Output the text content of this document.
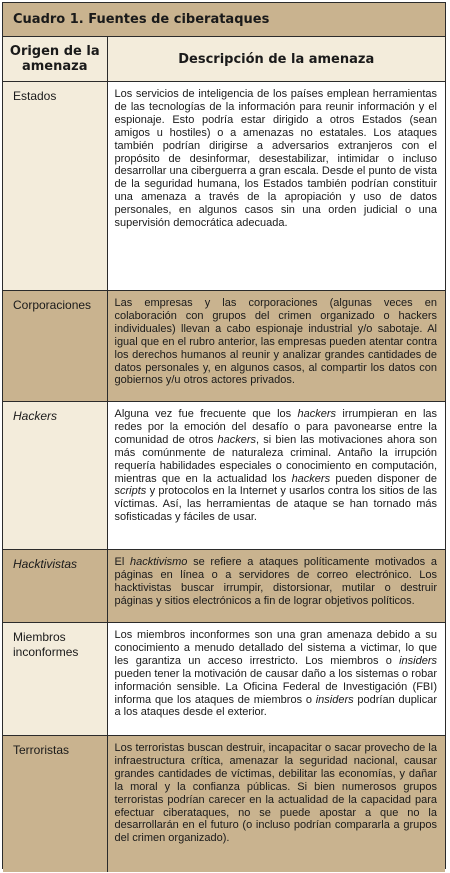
Cuadro 1. Fuentes de ciberataques
Origen de la amenaza	Descripción de la amenaza
Estados	Los servicios de inteligencia de los países emplean herramientas de las tecnologías de la información para reunir información y el espionaje. Esto podría estar dirigido a otros Estados (sean amigos u hostiles) o a amenazas no estatales. Los ataques también podrían dirigirse a adversarios extranjeros con el propósito de desinformar, desestabilizar, intimidar o incluso desarrollar una ciberguerra a gran escala. Desde el punto de vista de la seguridad humana, los Estados también podrían constituir una amenaza a través de la apropiación y uso de datos personales, en algunos casos sin una orden judicial o una supervisión democrática adecuada.
Corporaciones	Las empresas y las corporaciones (algunas veces en colaboración con grupos del crimen organizado o hackers individuales) llevan a cabo espionaje industrial y/o sabotaje. Al igual que en el rubro anterior, las empresas pueden atentar contra los derechos humanos al reunir y analizar grandes cantidades de datos personales y, en algunos casos, al compartir los datos con gobiernos y/u otros actores privados.
Hackers	Alguna vez fue frecuente que los hackers irrumpieran en las redes por la emoción del desafío o para pavonearse entre la comunidad de otros hackers, si bien las motivaciones ahora son más comúnmente de naturaleza criminal. Antaño la irrupción requería habilidades especiales o conocimiento en computación, mientras que en la actualidad los hackers pueden disponer de scripts y protocolos en la Internet y usarlos contra los sitios de las víctimas. Así, las herramientas de ataque se han tornado más sofisticadas y fáciles de usar.
Hacktivistas	El hacktivismo se refiere a ataques políticamente motivados a páginas en línea o a servidores de correo electrónico. Los hacktivistas buscar irrumpir, distorsionar, mutilar o destruir páginas y sitios electrónicos a fin de lograr objetivos políticos.
Miembros inconformes	Los miembros inconformes son una gran amenaza debido a su conocimiento a menudo detallado del sistema a victimar, lo que les garantiza un acceso irrestricto. Los miembros o insiders pueden tener la motivación de causar daño a los sistemas o robar información sensible. La Oficina Federal de Investigación (FBI) informa que los ataques de miembros o insiders podrían duplicar a los ataques desde el exterior.
Terroristas	Los terroristas buscan destruir, incapacitar o sacar provecho de la infraestructura crítica, amenazar la seguridad nacional, causar grandes cantidades de víctimas, debilitar las economías, y dañar la moral y la confianza públicas. Si bien numerosos grupos terroristas podrían carecer en la actualidad de la capacidad para efectuar ciberataques, no se puede apostar a que no la desarrollarán en el futuro (o incluso podrían compararla a grupos del crimen organizado).
